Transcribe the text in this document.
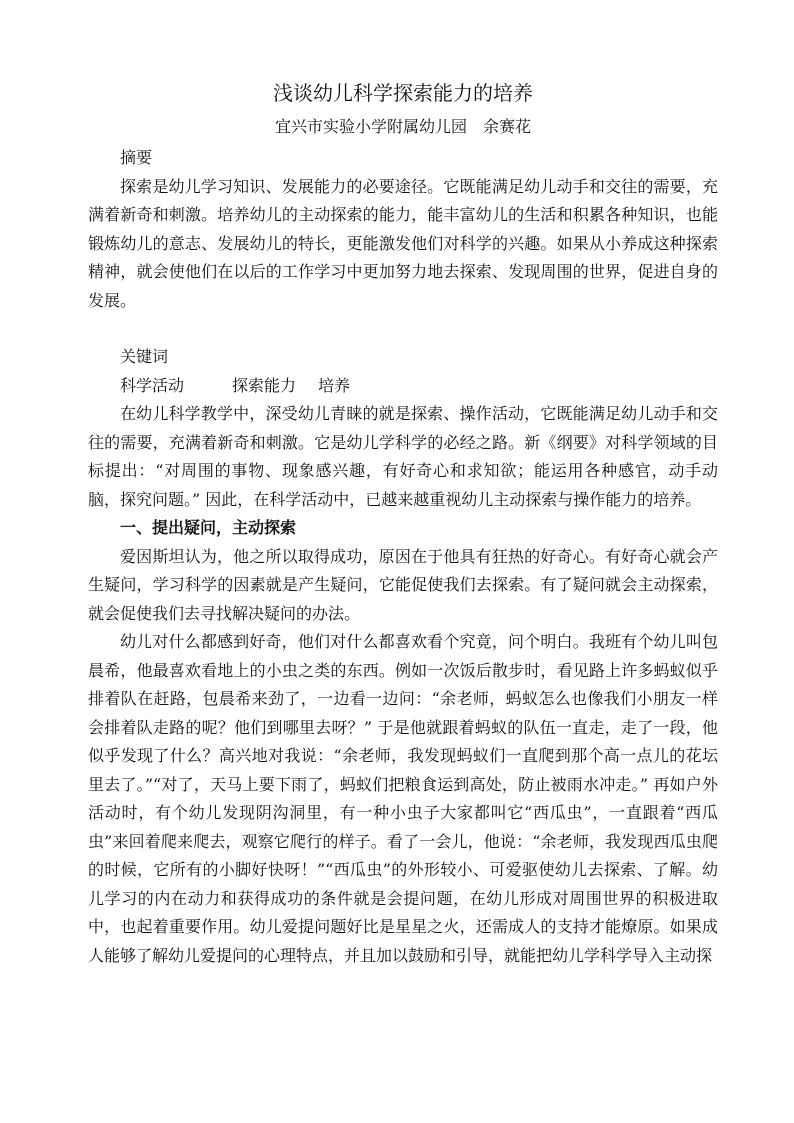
浅谈幼儿科学探索能力的培养
宜兴市实验小学附属幼儿园　余赛花

摘要

探索是幼儿学习知识、发展能力的必要途径。它既能满足幼儿动手和交往的需要，充满着新奇和刺激。培养幼儿的主动探索的能力，能丰富幼儿的生活和积累各种知识，也能锻炼幼儿的意志、发展幼儿的特长，更能激发他们对科学的兴趣。如果从小养成这种探索精神，就会使他们在以后的工作学习中更加努力地去探索、发现周围的世界，促进自身的发展。

关键词

科学活动	探索能力 培养

在幼儿科学教学中，深受幼儿青睐的就是探索、操作活动，它既能满足幼儿动手和交往的需要，充满着新奇和刺激。它是幼儿学科学的必经之路。新《纲要》对科学领域的目标提出：“对周围的事物、现象感兴趣，有好奇心和求知欲；能运用各种感官，动手动脑，探究问题。” 因此，在科学活动中，已越来越重视幼儿主动探索与操作能力的培养。

一、提出疑问，主动探索

爱因斯坦认为，他之所以取得成功，原因在于他具有狂热的好奇心。有好奇心就会产生疑问，学习科学的因素就是产生疑问，它能促使我们去探索。有了疑问就会主动探索，就会促使我们去寻找解决疑问的办法。

幼儿对什么都感到好奇，他们对什么都喜欢看个究竟，问个明白。我班有个幼儿叫包晨希，他最喜欢看地上的小虫之类的东西。例如一次饭后散步时，看见路上许多蚂蚁似乎排着队在赶路，包晨希来劲了，一边看一边问：“余老师，蚂蚁怎么也像我们小朋友一样会排着队走路的呢？他们到哪里去呀？” 于是他就跟着蚂蚁的队伍一直走，走了一段，他似乎发现了什么？高兴地对我说：“余老师，我发现蚂蚁们一直爬到那个高一点儿的花坛里去了。”“对了，天马上要下雨了，蚂蚁们把粮食运到高处，防止被雨水冲走。” 再如户外活动时，有个幼儿发现阴沟洞里，有一种小虫子大家都叫它“西瓜虫”，一直跟着“西瓜虫”来回着爬来爬去，观察它爬行的样子。看了一会儿，他说：“余老师，我发现西瓜虫爬的时候，它所有的小脚好快呀！”“西瓜虫”的外形较小、可爱驱使幼儿去探索、了解。幼儿学习的内在动力和获得成功的条件就是会提问题，在幼儿形成对周围世界的积极进取中，也起着重要作用。幼儿爱提问题好比是星星之火，还需成人的支持才能燎原。如果成人能够了解幼儿爱提问的心理特点，并且加以鼓励和引导，就能把幼儿学科学导入主动探
